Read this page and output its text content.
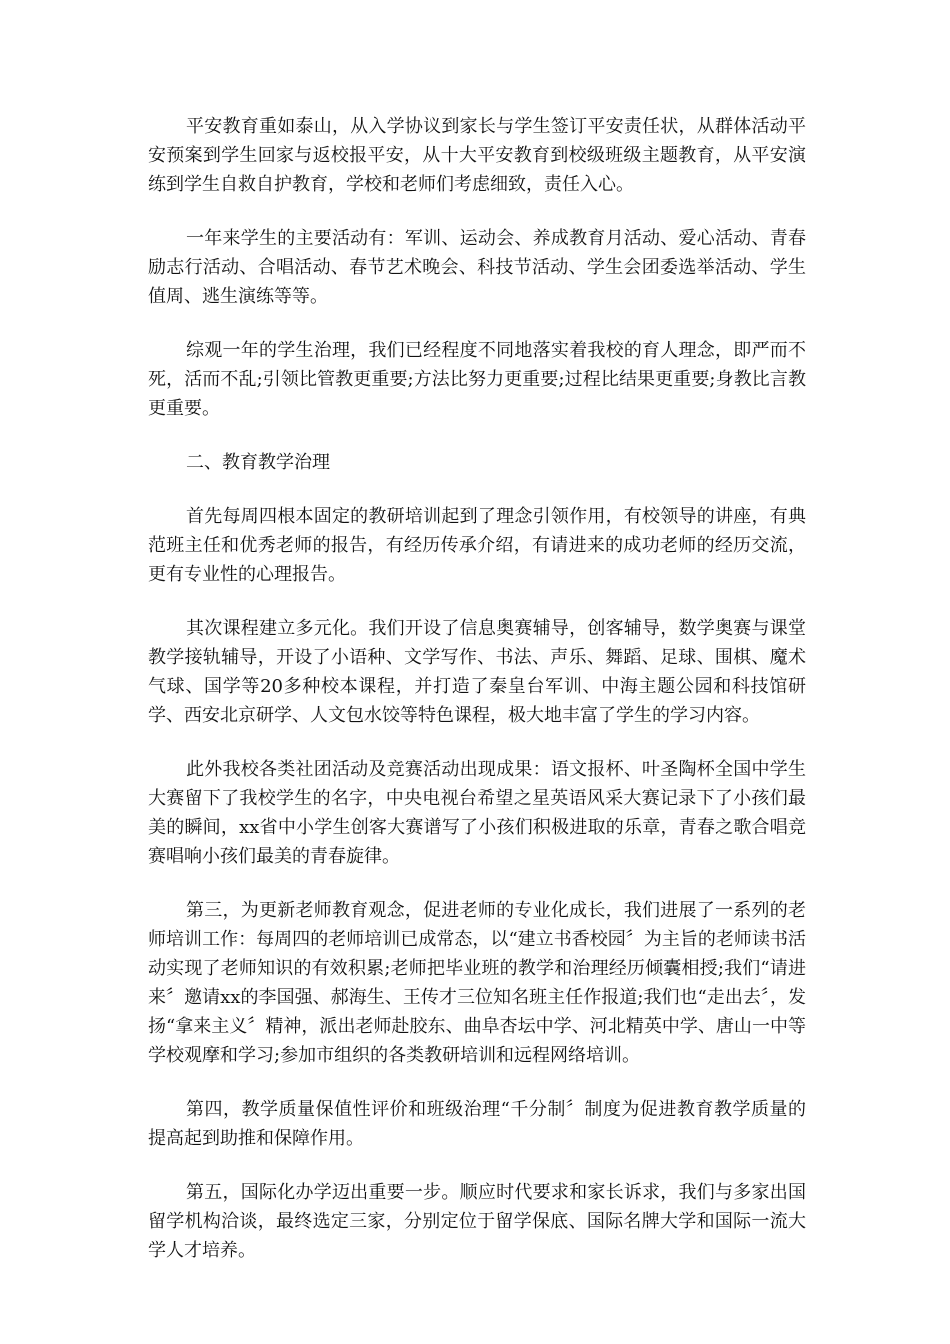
平安教育重如泰山，从入学协议到家长与学生签订平安责任状，从群体活动平安预案到学生回家与返校报平安，从十大平安教育到校级班级主题教育，从平安演练到学生自救自护教育，学校和老师们考虑细致，责任入心。

一年来学生的主要活动有：军训、运动会、养成教育月活动、爱心活动、青春励志行活动、合唱活动、春节艺术晚会、科技节活动、学生会团委选举活动、学生值周、逃生演练等等。

综观一年的学生治理，我们已经程度不同地落实着我校的育人理念，即严而不死，活而不乱;引领比管教更重要;方法比努力更重要;过程比结果更重要;身教比言教更重要。

二、教育教学治理

首先每周四根本固定的教研培训起到了理念引领作用，有校领导的讲座，有典范班主任和优秀老师的报告，有经历传承介绍，有请进来的成功老师的经历交流，更有专业性的心理报告。

其次课程建立多元化。我们开设了信息奥赛辅导，创客辅导，数学奥赛与课堂教学接轨辅导，开设了小语种、文学写作、书法、声乐、舞蹈、足球、围棋、魔术气球、国学等20多种校本课程，并打造了秦皇台军训、中海主题公园和科技馆研学、西安北京研学、人文包水饺等特色课程，极大地丰富了学生的学习内容。

此外我校各类社团活动及竞赛活动出现成果：语文报杯、叶圣陶杯全国中学生大赛留下了我校学生的名字，中央电视台希望之星英语风采大赛记录下了小孩们最美的瞬间，xx省中小学生创客大赛谱写了小孩们积极进取的乐章，青春之歌合唱竞赛唱响小孩们最美的青春旋律。

第三，为更新老师教育观念，促进老师的专业化成长，我们进展了一系列的老师培训工作：每周四的老师培训已成常态，以“建立书香校园〞为主旨的老师读书活动实现了老师知识的有效积累;老师把毕业班的教学和治理经历倾囊相授;我们“请进来〞邀请xx的李国强、郝海生、王传才三位知名班主任作报道;我们也“走出去〞，发扬“拿来主义〞精神，派出老师赴胶东、曲阜杏坛中学、河北精英中学、唐山一中等学校观摩和学习;参加市组织的各类教研培训和远程网络培训。

第四，教学质量保值性评价和班级治理“千分制〞制度为促进教育教学质量的提高起到助推和保障作用。

第五，国际化办学迈出重要一步。顺应时代要求和家长诉求，我们与多家出国留学机构洽谈，最终选定三家，分别定位于留学保底、国际名牌大学和国际一流大学人才培养。
